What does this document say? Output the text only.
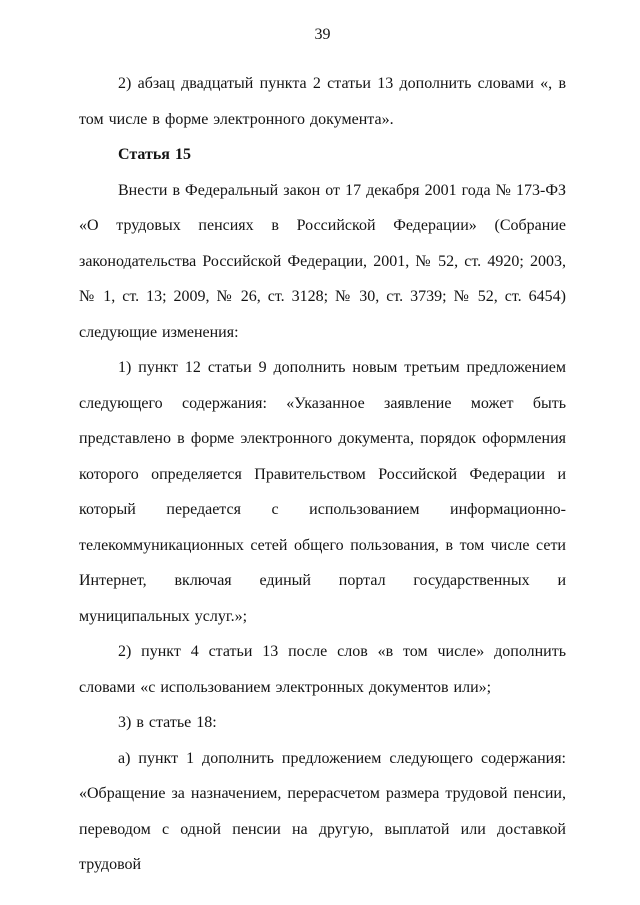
39

2) абзац двадцатый пункта 2 статьи 13 дополнить словами «, в том числе в форме электронного документа».

Статья 15

Внести в Федеральный закон от 17 декабря 2001 года № 173-ФЗ «О трудовых пенсиях в Российской Федерации» (Собрание законодательства Российской Федерации, 2001, № 52, ст. 4920; 2003, № 1, ст. 13; 2009, № 26, ст. 3128; № 30, ст. 3739; № 52, ст. 6454) следующие изменения:

1) пункт 12 статьи 9 дополнить новым третьим предложением следующего содержания: «Указанное заявление может быть представлено в форме электронного документа, порядок оформления которого определяется Правительством Российской Федерации и который передается с использованием информационно-телекоммуникационных сетей общего пользования, в том числе сети Интернет, включая единый портал государственных и муниципальных услуг.»;

2) пункт 4 статьи 13 после слов «в том числе» дополнить словами «с использованием электронных документов или»;

3) в статье 18:

а) пункт 1 дополнить предложением следующего содержания: «Обращение за назначением, перерасчетом размера трудовой пенсии, переводом с одной пенсии на другую, выплатой или доставкой трудовой
